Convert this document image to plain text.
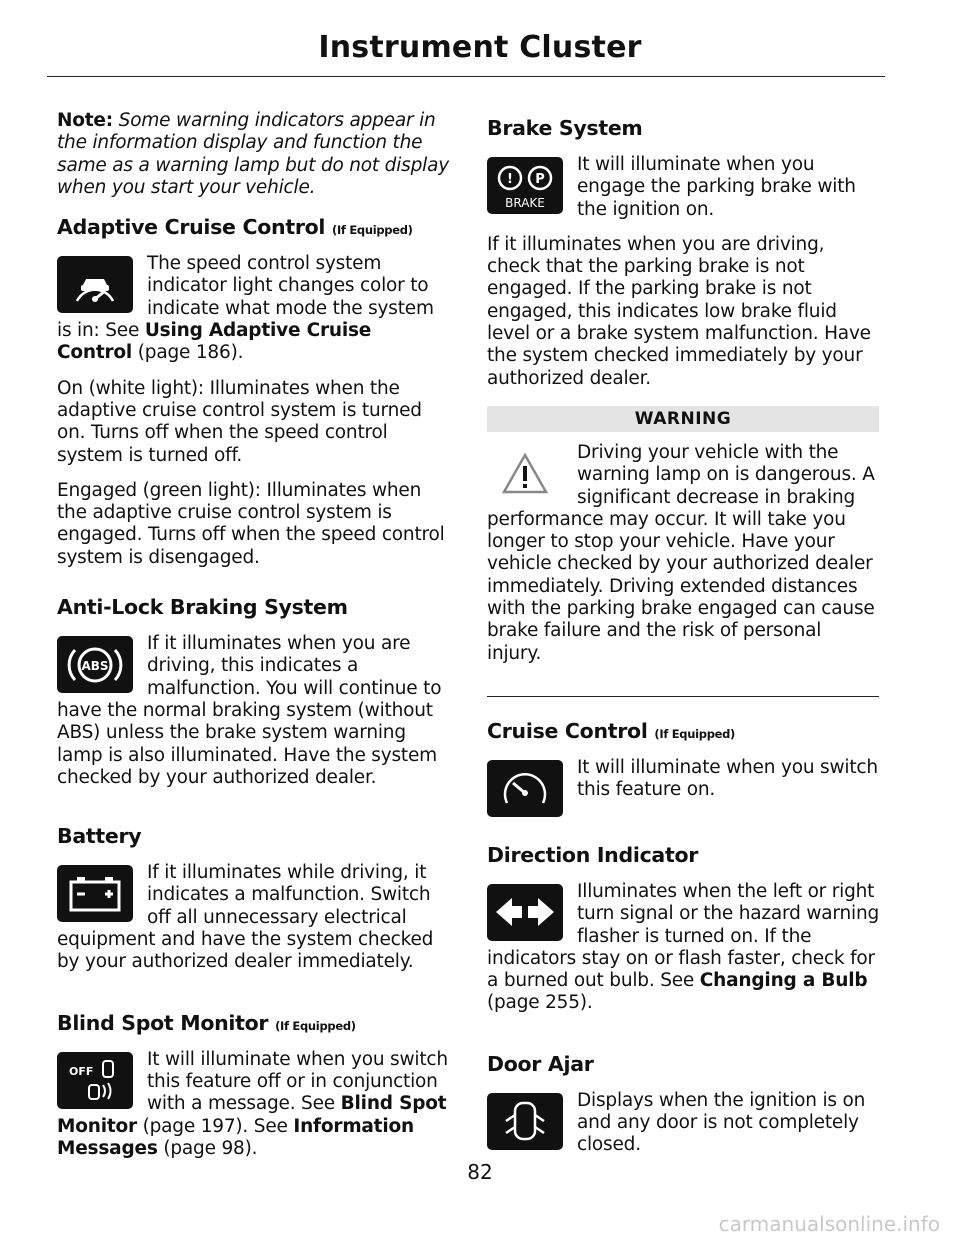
Instrument Cluster

Note: Some warning indicators appear in the information display and function the same as a warning lamp but do not display when you start your vehicle.

Adaptive Cruise Control (If Equipped)

The speed control system indicator light changes color to indicate what mode the system is in: See Using Adaptive Cruise Control (page 186).

On (white light): Illuminates when the adaptive cruise control system is turned on. Turns off when the speed control system is turned off.

Engaged (green light): Illuminates when the adaptive cruise control system is engaged. Turns off when the speed control system is disengaged.

Anti-Lock Braking System
ABS

If it illuminates when you are driving, this indicates a malfunction. You will continue to have the normal braking system (without ABS) unless the brake system warning lamp is also illuminated. Have the system checked by your authorized dealer.

Battery

If it illuminates while driving, it indicates a malfunction. Switch off all unnecessary electrical equipment and have the system checked by your authorized dealer immediately.

Blind Spot Monitor (If Equipped)
OFF

It will illuminate when you switch this feature off or in conjunction with a message. See Blind Spot Monitor (page 197). See Information Messages (page 98).

Brake System
! P
BRAKE

It will illuminate when you engage the parking brake with the ignition on.

If it illuminates when you are driving, check that the parking brake is not engaged. If the parking brake is not engaged, this indicates low brake fluid level or a brake system malfunction. Have the system checked immediately by your authorized dealer.

WARNING

Driving your vehicle with the warning lamp on is dangerous. A significant decrease in braking performance may occur. It will take you longer to stop your vehicle. Have your vehicle checked by your authorized dealer immediately. Driving extended distances with the parking brake engaged can cause brake failure and the risk of personal injury.

Cruise Control (If Equipped)

It will illuminate when you switch this feature on.

Direction Indicator

Illuminates when the left or right turn signal or the hazard warning flasher is turned on. If the indicators stay on or flash faster, check for a burned out bulb. See Changing a Bulb (page 255).

Door Ajar

Displays when the ignition is on and any door is not completely closed.

82
carmanualsonline.info
